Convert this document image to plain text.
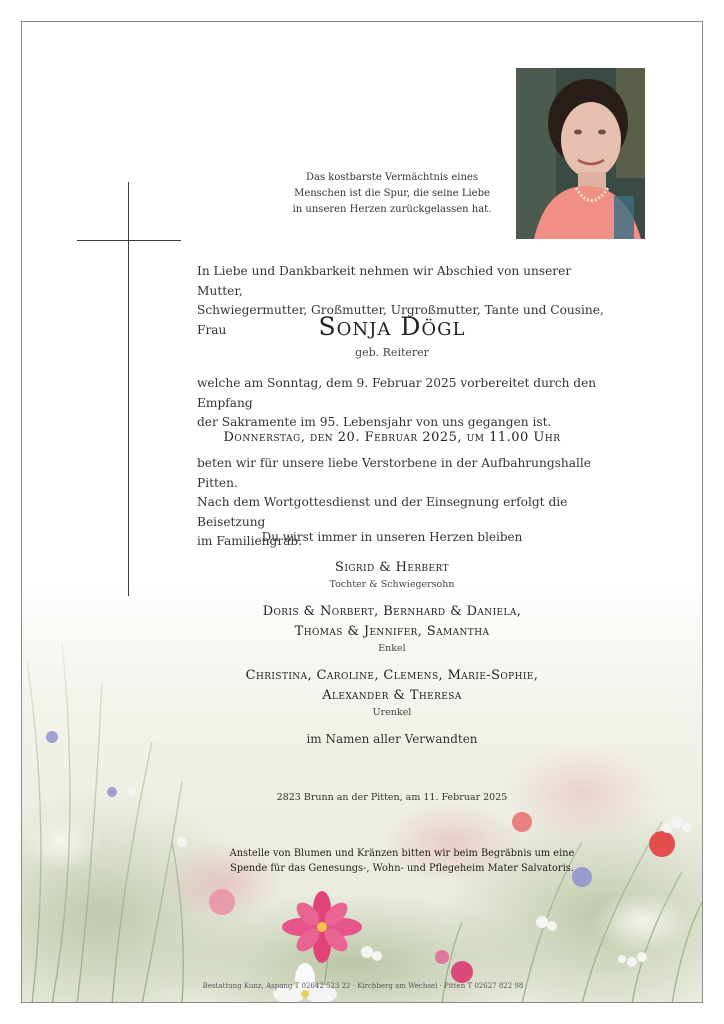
Das kostbarste Vermächtnis eines
Menschen ist die Spur, die seine Liebe
in unseren Herzen zurückgelassen hat.
In Liebe und Dankbarkeit nehmen wir Abschied von unserer Mutter,
Schwiegermutter, Großmutter, Urgroßmutter, Tante und Cousine, Frau	Sonja Dögl
geb. Reiterer
welche am Sonntag, dem 9. Februar 2025 vorbereitet durch den Empfang
der Sakramente im 95. Lebensjahr von uns gegangen ist.
Donnerstag, den 20. Februar 2025, um 11.00 Uhr
beten wir für unsere liebe Verstorbene in der Aufbahrungshalle Pitten.
Nach dem Wortgottesdienst und der Einsegnung erfolgt die Beisetzung
im Familiengrab.
Du wirst immer in unseren Herzen bleiben
Sigrid & Herbert
Tochter & Schwiegersohn
Doris & Norbert, Bernhard & Daniela,
Thomas & Jennifer, Samantha
Enkel
Christina, Caroline, Clemens, Marie-Sophie,
Alexander & Theresa
Urenkel
im Namen aller Verwandten
2823 Brunn an der Pitten, am 11. Februar 2025
Anstelle von Blumen und Kränzen bitten wir beim Begräbnis um eine
Spende für das Genesungs-, Wohn- und Pflegeheim Mater Salvatoris.
Bestattung Kunz, Aspang T 02642 523 22 · Kirchberg am Wechsel · Pitten T 02627 822 98
